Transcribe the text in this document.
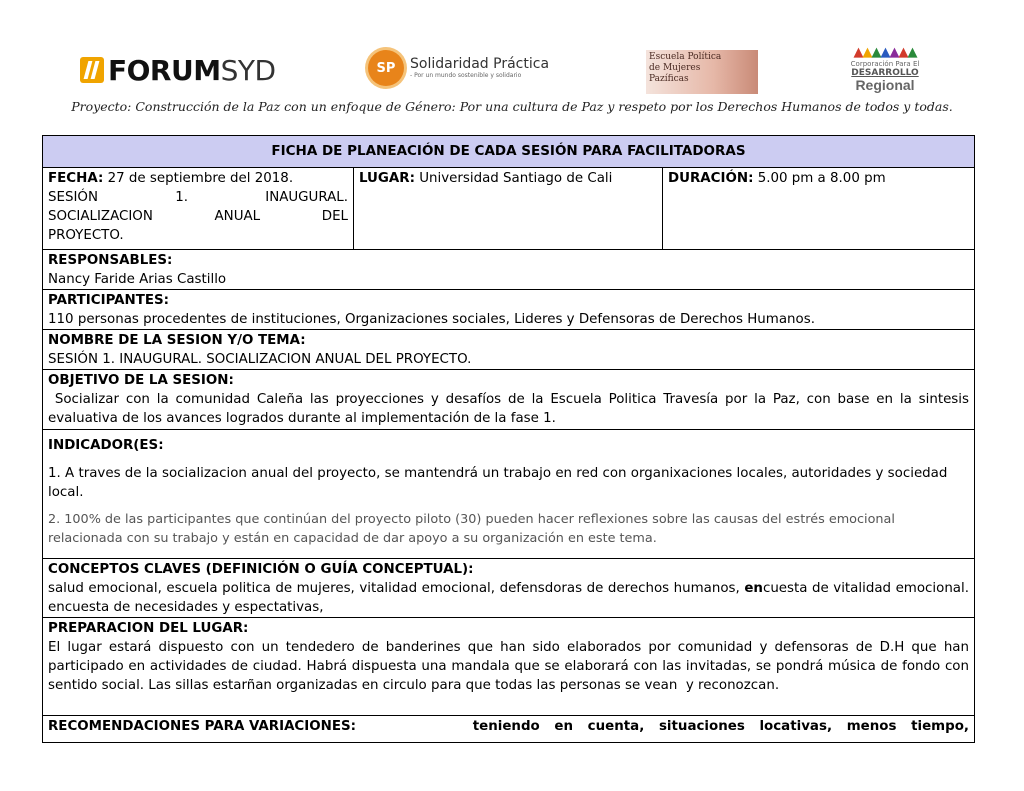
FORUMSYD	SP	Solidaridad Práctica
- Por un mundo sostenible y solidario
Escuela Política
de Mujeres
Pazíficas
▲▲▲▲▲▲▲
Corporación Para El
DESARROLLO
Regional
Proyecto: Construcción de la Paz con un enfoque de Género: Por una cultura de Paz y respeto por los Derechos Humanos de todos y todas.
FICHA DE PLANEACIÓN DE CADA SESIÓN PARA FACILITADORAS
FECHA: 27 de septiembre del 2018.
SESIÓN	1.	INAUGURAL.
SOCIALIZACION	ANUAL	DEL
PROYECTO.
LUGAR: Universidad Santiago de Cali	DURACIÓN: 5.00 pm a 8.00 pm
RESPONSABLES:
Nancy Faride Arias Castillo
PARTICIPANTES:
110 personas procedentes de instituciones, Organizaciones sociales, Lideres y Defensoras de Derechos Humanos.
NOMBRE DE LA SESION Y/O TEMA:
SESIÓN 1. INAUGURAL. SOCIALIZACION ANUAL DEL PROYECTO.
OBJETIVO DE LA SESION:
Socializar con la comunidad Caleña las proyecciones y desafíos de la Escuela Politica Travesía por la Paz, con base en la sintesis evaluativa de los avances logrados durante al implementación de la fase 1.
INDICADOR(ES:
1. A traves de la socializacion anual del proyecto, se mantendrá un trabajo en red con organixaciones locales, autoridades y sociedad local.
2. 100% de las participantes que continúan del proyecto piloto (30) pueden hacer reflexiones sobre las causas del estrés emocional relacionada con su trabajo y están en capacidad de dar apoyo a su organización en este tema.
CONCEPTOS CLAVES (DEFINICIÓN O GUÍA CONCEPTUAL):
salud emocional, escuela politica de mujeres, vitalidad emocional, defensdoras de derechos humanos, encuesta de vitalidad emocional. encuesta de necesidades y espectativas,
PREPARACION DEL LUGAR:
El lugar estará dispuesto con un tendedero de banderines que han sido elaborados por comunidad y defensoras de D.H que han participado en actividades de ciudad. Habrá dispuesta una mandala que se elaborará con las invitadas, se pondrá música de fondo con sentido social. Las sillas estarñan organizadas en circulo para que todas las personas se vean  y reconozcan.
RECOMENDACIONES PARA VARIACIONES:	teniendo en cuenta, situaciones locativas, menos tiempo,
